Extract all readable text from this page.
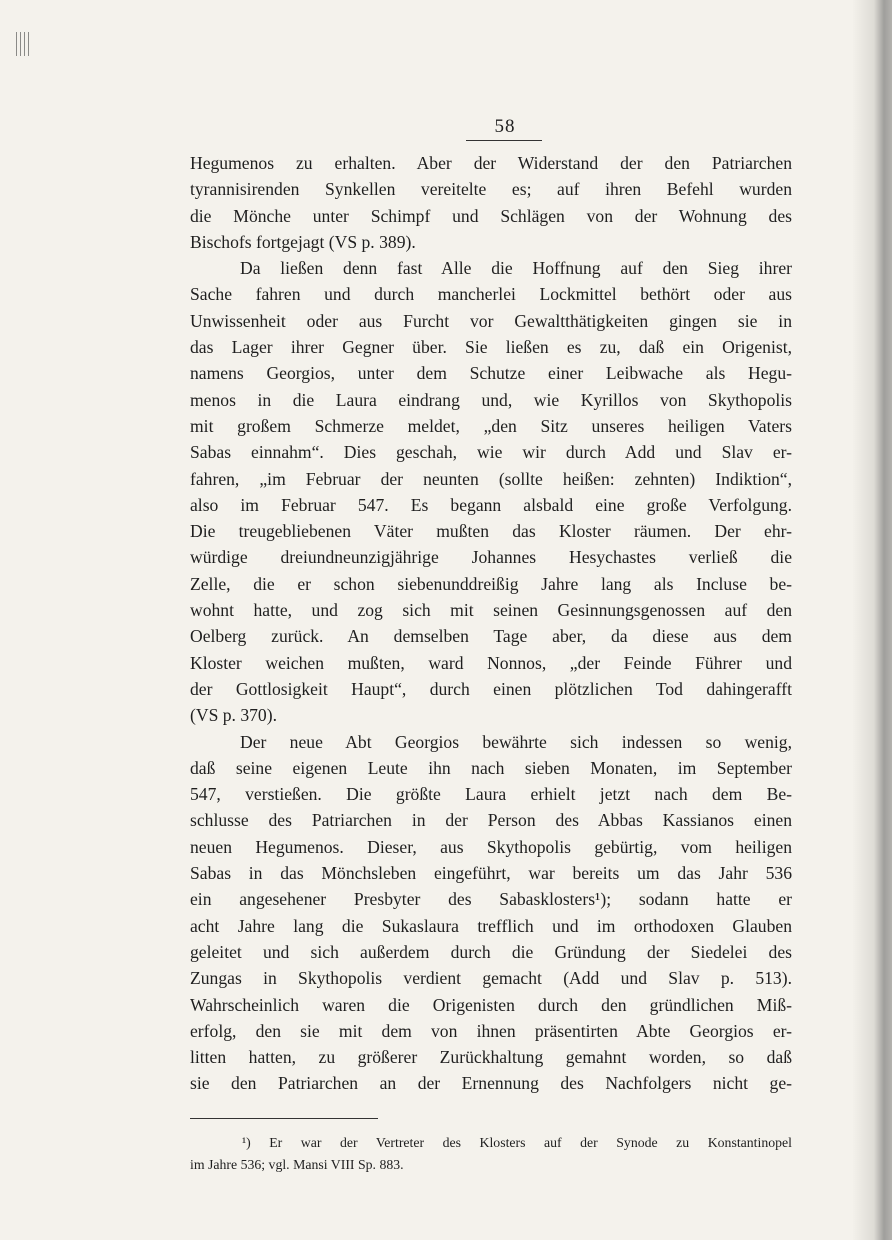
58
Hegumenos zu erhalten. Aber der Widerstand der den Patriarchen
tyrannisirenden Synkellen vereitelte es; auf ihren Befehl wurden
die Mönche unter Schimpf und Schlägen von der Wohnung des
Bischofs fortgejagt (VS p. 389).
Da ließen denn fast Alle die Hoffnung auf den Sieg ihrer
Sache fahren und durch mancherlei Lockmittel bethört oder aus
Unwissenheit oder aus Furcht vor Gewaltthätigkeiten gingen sie in
das Lager ihrer Gegner über. Sie ließen es zu, daß ein Origenist,
namens Georgios, unter dem Schutze einer Leibwache als Hegu-
menos in die Laura eindrang und, wie Kyrillos von Skythopolis
mit großem Schmerze meldet, „den Sitz unseres heiligen Vaters
Sabas einnahm“. Dies geschah, wie wir durch Add und Slav er-
fahren, „im Februar der neunten (sollte heißen: zehnten) Indiktion“,
also im Februar 547. Es begann alsbald eine große Verfolgung.
Die treugebliebenen Väter mußten das Kloster räumen. Der ehr-
würdige dreiundneunzigjährige Johannes Hesychastes verließ die
Zelle, die er schon siebenunddreißig Jahre lang als Incluse be-
wohnt hatte, und zog sich mit seinen Gesinnungsgenossen auf den
Oelberg zurück. An demselben Tage aber, da diese aus dem
Kloster weichen mußten, ward Nonnos, „der Feinde Führer und
der Gottlosigkeit Haupt“, durch einen plötzlichen Tod dahingerafft
(VS p. 370).
Der neue Abt Georgios bewährte sich indessen so wenig,
daß seine eigenen Leute ihn nach sieben Monaten, im September
547, verstießen. Die größte Laura erhielt jetzt nach dem Be-
schlusse des Patriarchen in der Person des Abbas Kassianos einen
neuen Hegumenos. Dieser, aus Skythopolis gebürtig, vom heiligen
Sabas in das Mönchsleben eingeführt, war bereits um das Jahr 536
ein angesehener Presbyter des Sabasklosters¹); sodann hatte er
acht Jahre lang die Sukaslaura trefflich und im orthodoxen Glauben
geleitet und sich außerdem durch die Gründung der Siedelei des
Zungas in Skythopolis verdient gemacht (Add und Slav p. 513).
Wahrscheinlich waren die Origenisten durch den gründlichen Miß-
erfolg, den sie mit dem von ihnen präsentirten Abte Georgios er-
litten hatten, zu größerer Zurückhaltung gemahnt worden, so daß
sie den Patriarchen an der Ernennung des Nachfolgers nicht ge-
¹) Er war der Vertreter des Klosters auf der Synode zu Konstantinopel
im Jahre 536; vgl. Mansi VIII Sp. 883.
